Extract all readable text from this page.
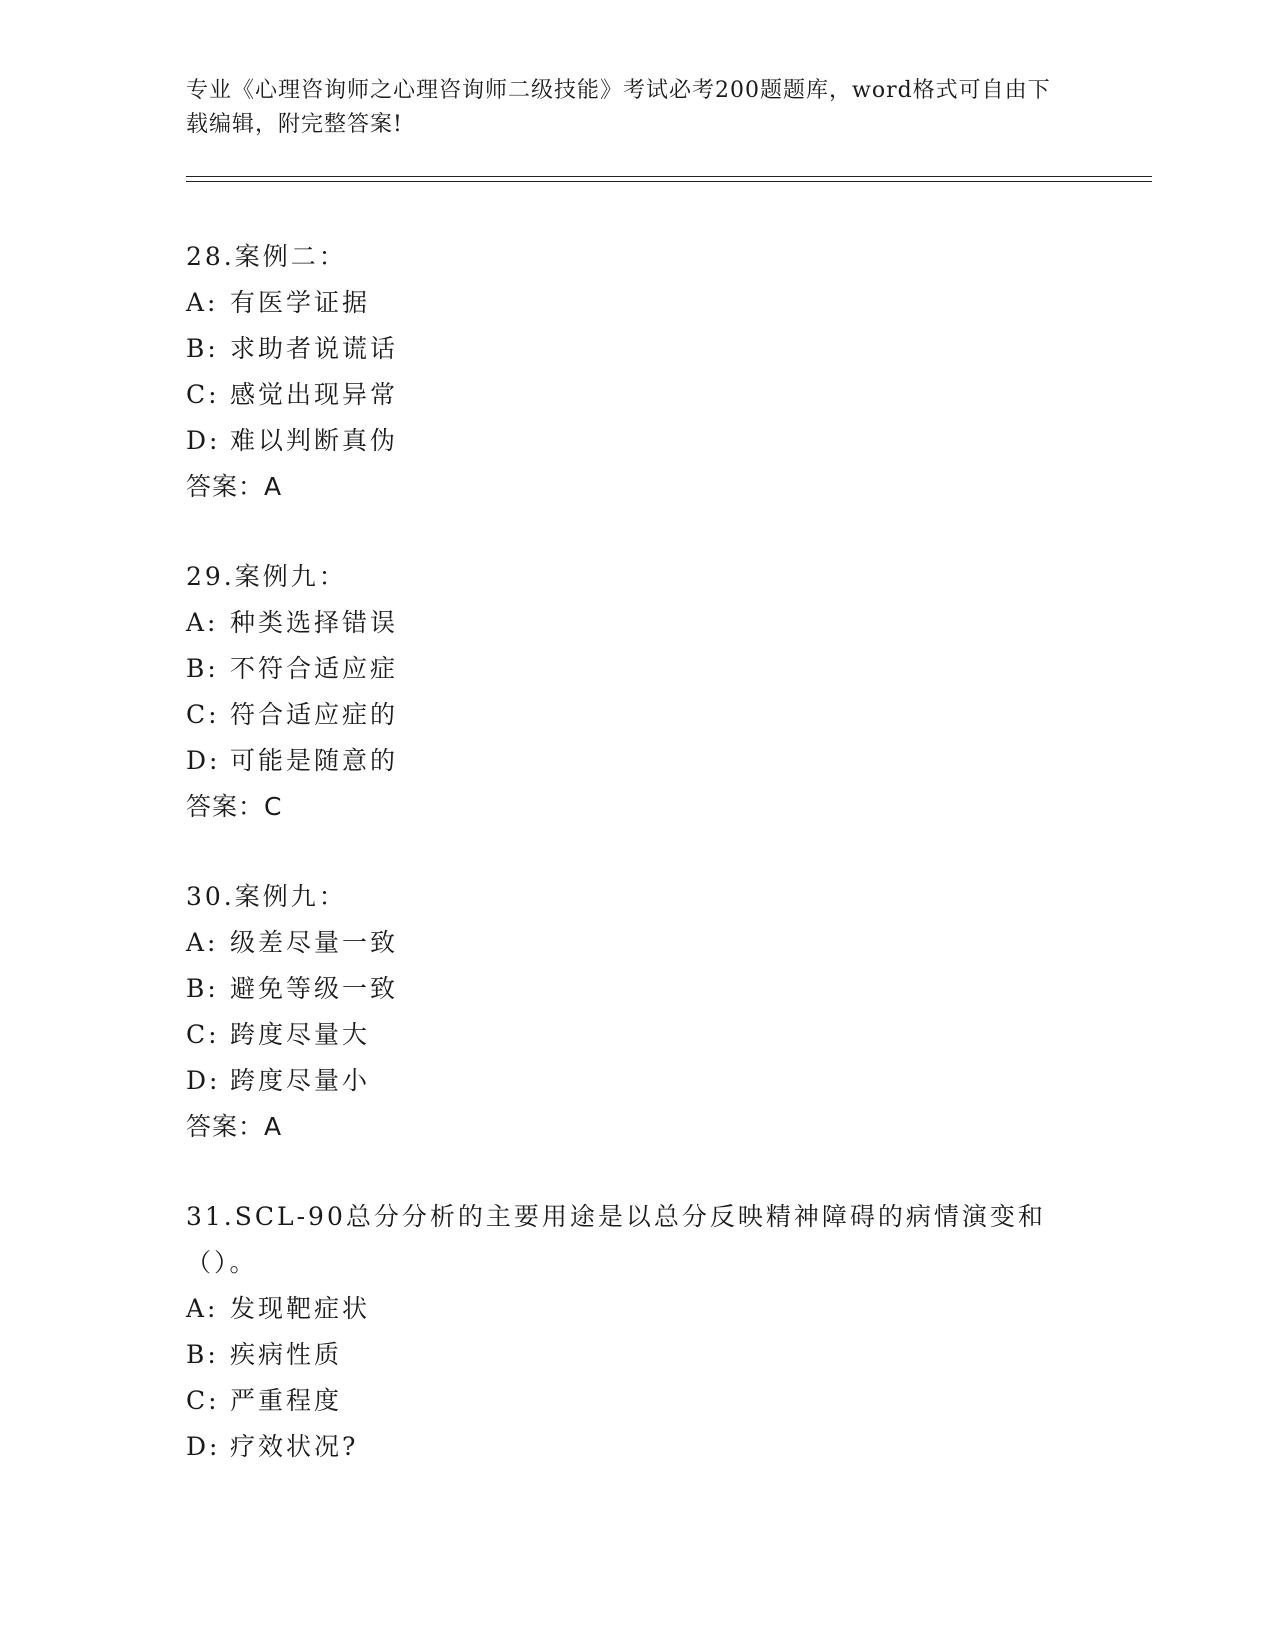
专业《心理咨询师之心理咨询师二级技能》考试必考200题题库，word格式可自由下载编辑，附完整答案!
28.案例二：
A: 有医学证据
B: 求助者说谎话
C: 感觉出现异常
D: 难以判断真伪
答案：A
29.案例九：
A: 种类选择错误
B: 不符合适应症
C: 符合适应症的
D: 可能是随意的
答案：C
30.案例九：
A: 级差尽量一致
B: 避免等级一致
C: 跨度尽量大
D: 跨度尽量小
答案：A
31.SCL-90总分分析的主要用途是以总分反映精神障碍的病情演变和（）。
A: 发现靶症状
B: 疾病性质
C: 严重程度
D: 疗效状况?
